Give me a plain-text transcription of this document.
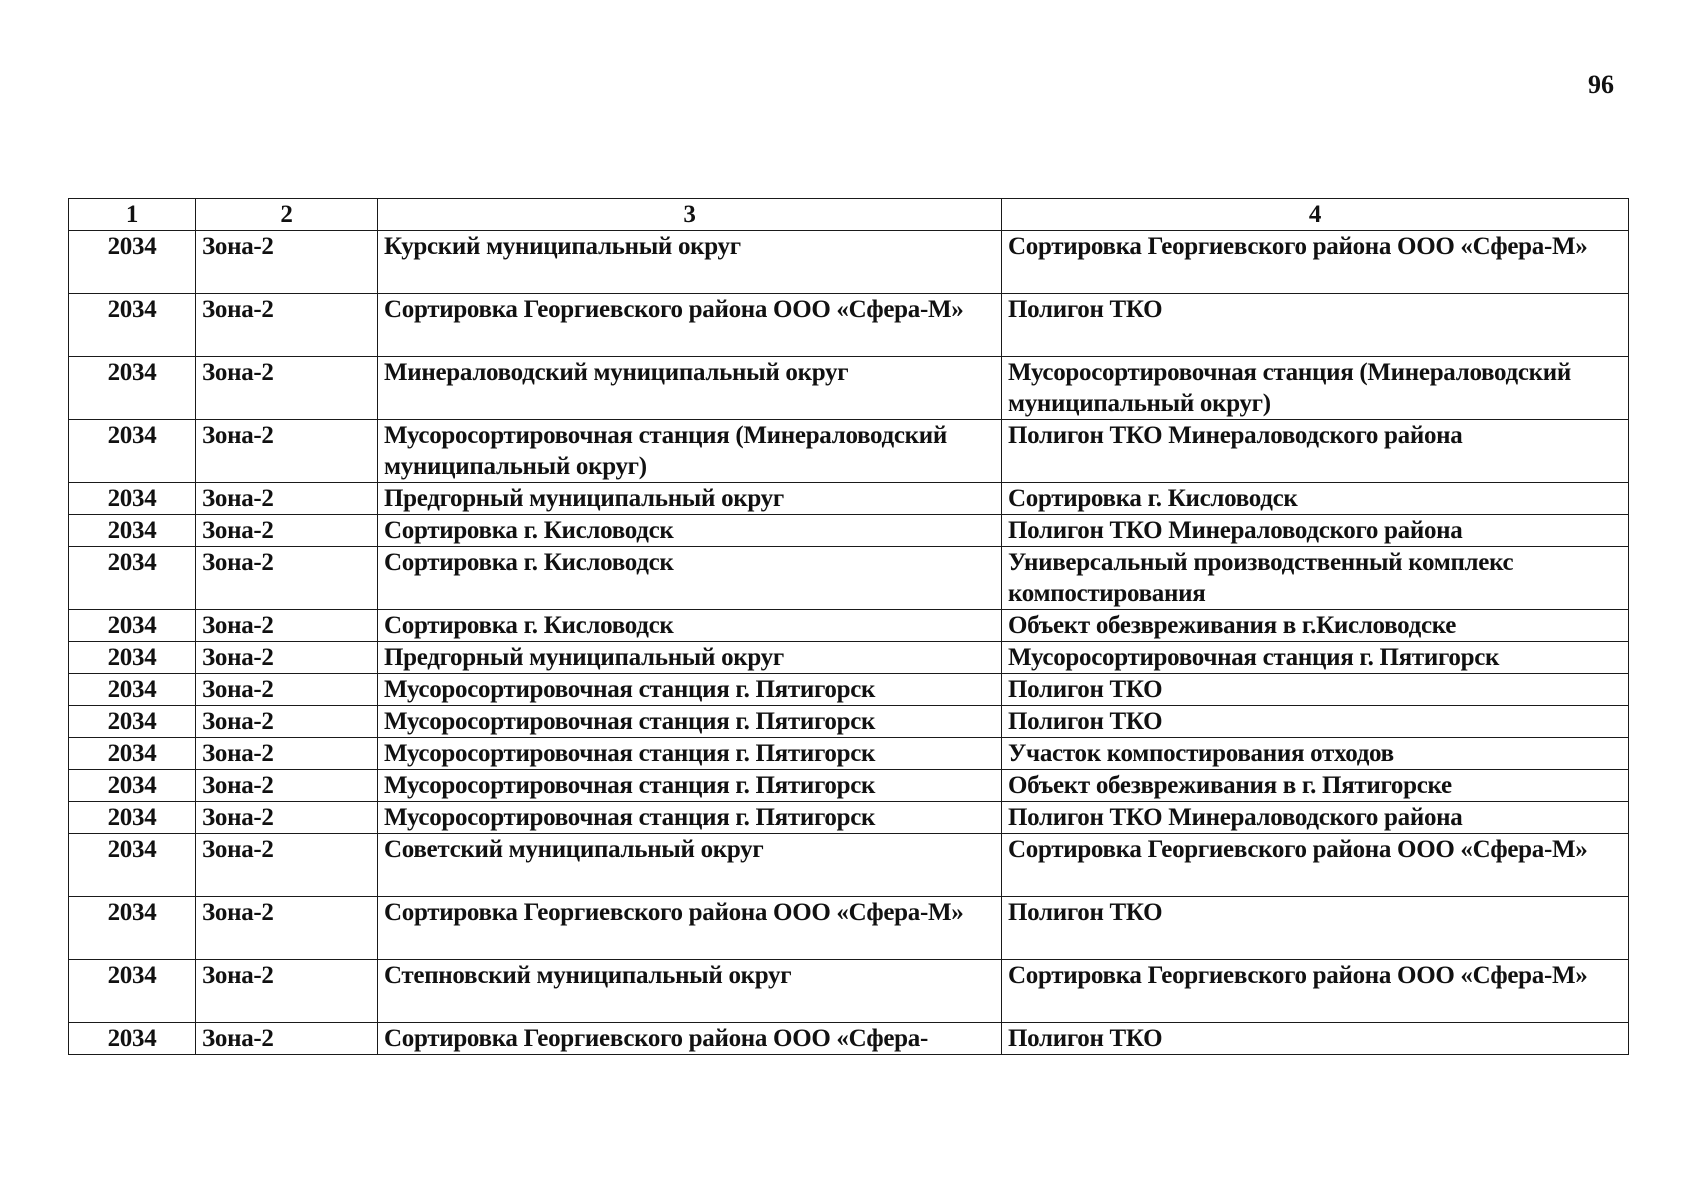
96
1	2	3	4
2034	Зона-2	Курский муниципальный округ	Сортировка Георгиевского района ООО «Сфера-М»
2034	Зона-2	Сортировка Георгиевского района ООО «Сфера-М»	Полигон ТКО
2034	Зона-2	Минераловодский муниципальный округ	Мусоросортировочная станция (Минераловодский муниципальный округ)
2034	Зона-2	Мусоросортировочная станция (Минераловодский муниципальный округ)	Полигон ТКО Минераловодского района
2034	Зона-2	Предгорный муниципальный округ	Сортировка г. Кисловодск
2034	Зона-2	Сортировка г. Кисловодск	Полигон ТКО Минераловодского района
2034	Зона-2	Сортировка г. Кисловодск	Универсальный производственный комплекс компостирования
2034	Зона-2	Сортировка г. Кисловодск	Объект обезвреживания в г.Кисловодске
2034	Зона-2	Предгорный муниципальный округ	Мусоросортировочная станция г. Пятигорск
2034	Зона-2	Мусоросортировочная станция г. Пятигорск	Полигон ТКО
2034	Зона-2	Мусоросортировочная станция г. Пятигорск	Полигон ТКО
2034	Зона-2	Мусоросортировочная станция г. Пятигорск	Участок компостирования отходов
2034	Зона-2	Мусоросортировочная станция г. Пятигорск	Объект обезвреживания в г. Пятигорске
2034	Зона-2	Мусоросортировочная станция г. Пятигорск	Полигон ТКО Минераловодского района
2034	Зона-2	Советский муниципальный округ	Сортировка Георгиевского района ООО «Сфера-М»
2034	Зона-2	Сортировка Георгиевского района ООО «Сфера-М»	Полигон ТКО
2034	Зона-2	Степновский муниципальный округ	Сортировка Георгиевского района ООО «Сфера-М»
2034	Зона-2	Сортировка Георгиевского района ООО «Сфера-	Полигон ТКО
